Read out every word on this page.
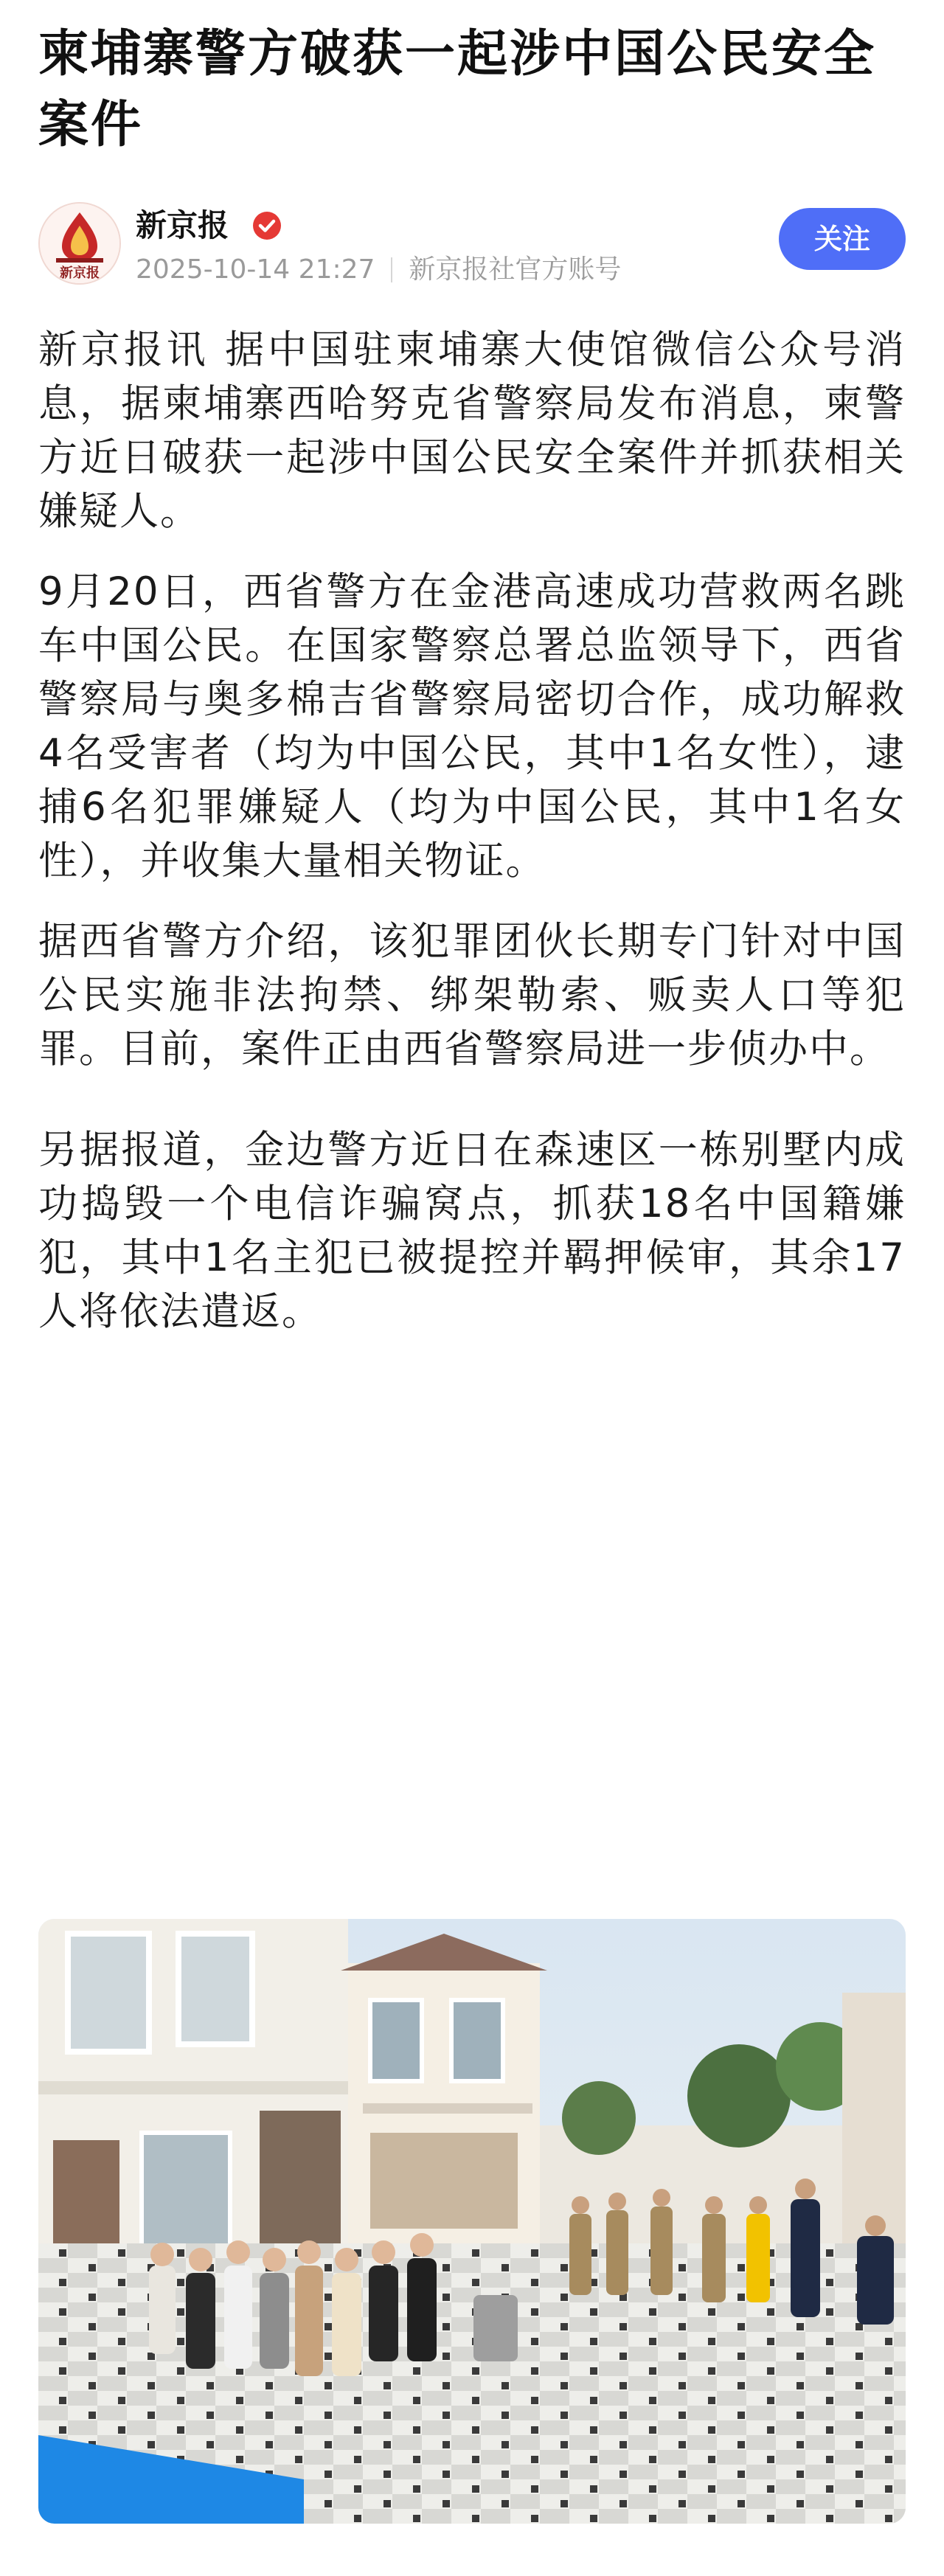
柬埔寨警方破获一起涉中国公民安全案件
新京报
新京报
2025-10-14 21:27 新京报社官方账号
关注

新京报讯 据中国驻柬埔寨大使馆微信公众号消息，据柬埔寨西哈努克省警察局发布消息，柬警方近日破获一起涉中国公民安全案件并抓获相关嫌疑人。

9月20日，西省警方在金港高速成功营救两名跳车中国公民。在国家警察总署总监领导下，西省警察局与奥多棉吉省警察局密切合作，成功解救4名受害者（均为中国公民，其中1名女性），逮捕6名犯罪嫌疑人（均为中国公民，其中1名女性），并收集大量相关物证。

据西省警方介绍，该犯罪团伙长期专门针对中国公民实施非法拘禁、绑架勒索、贩卖人口等犯罪。目前，案件正由西省警察局进一步侦办中。

另据报道，金边警方近日在森速区一栋别墅内成功捣毁一个电信诈骗窝点，抓获18名中国籍嫌犯，其中1名主犯已被提控并羁押候审，其余17人将依法遣返。
